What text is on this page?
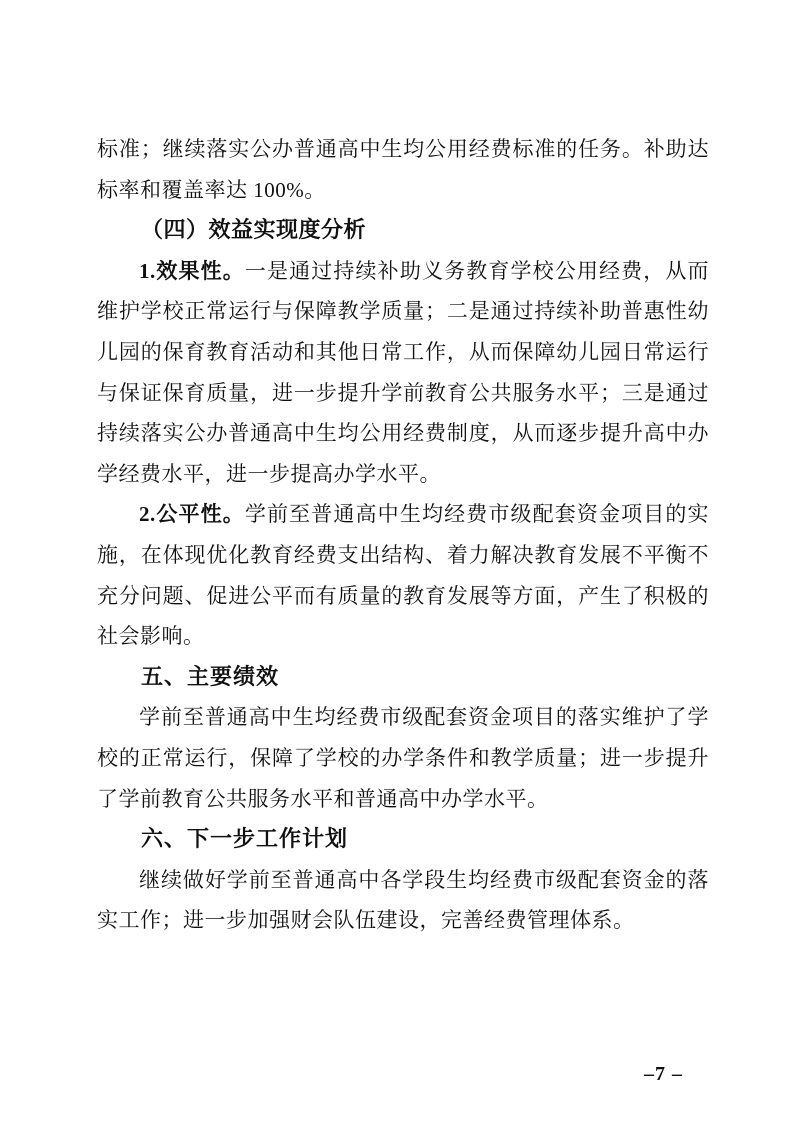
标准；继续落实公办普通高中生均公用经费标准的任务。补助达标率和覆盖率达 100%。

（四）效益实现度分析

1.效果性。一是通过持续补助义务教育学校公用经费，从而维护学校正常运行与保障教学质量；二是通过持续补助普惠性幼儿园的保育教育活动和其他日常工作，从而保障幼儿园日常运行与保证保育质量，进一步提升学前教育公共服务水平；三是通过持续落实公办普通高中生均公用经费制度，从而逐步提升高中办学经费水平，进一步提高办学水平。

2.公平性。学前至普通高中生均经费市级配套资金项目的实施，在体现优化教育经费支出结构、着力解决教育发展不平衡不充分问题、促进公平而有质量的教育发展等方面，产生了积极的社会影响。

五、主要绩效

学前至普通高中生均经费市级配套资金项目的落实维护了学校的正常运行，保障了学校的办学条件和教学质量；进一步提升了学前教育公共服务水平和普通高中办学水平。

六、下一步工作计划

继续做好学前至普通高中各学段生均经费市级配套资金的落实工作；进一步加强财会队伍建设，完善经费管理体系。

–7 –
